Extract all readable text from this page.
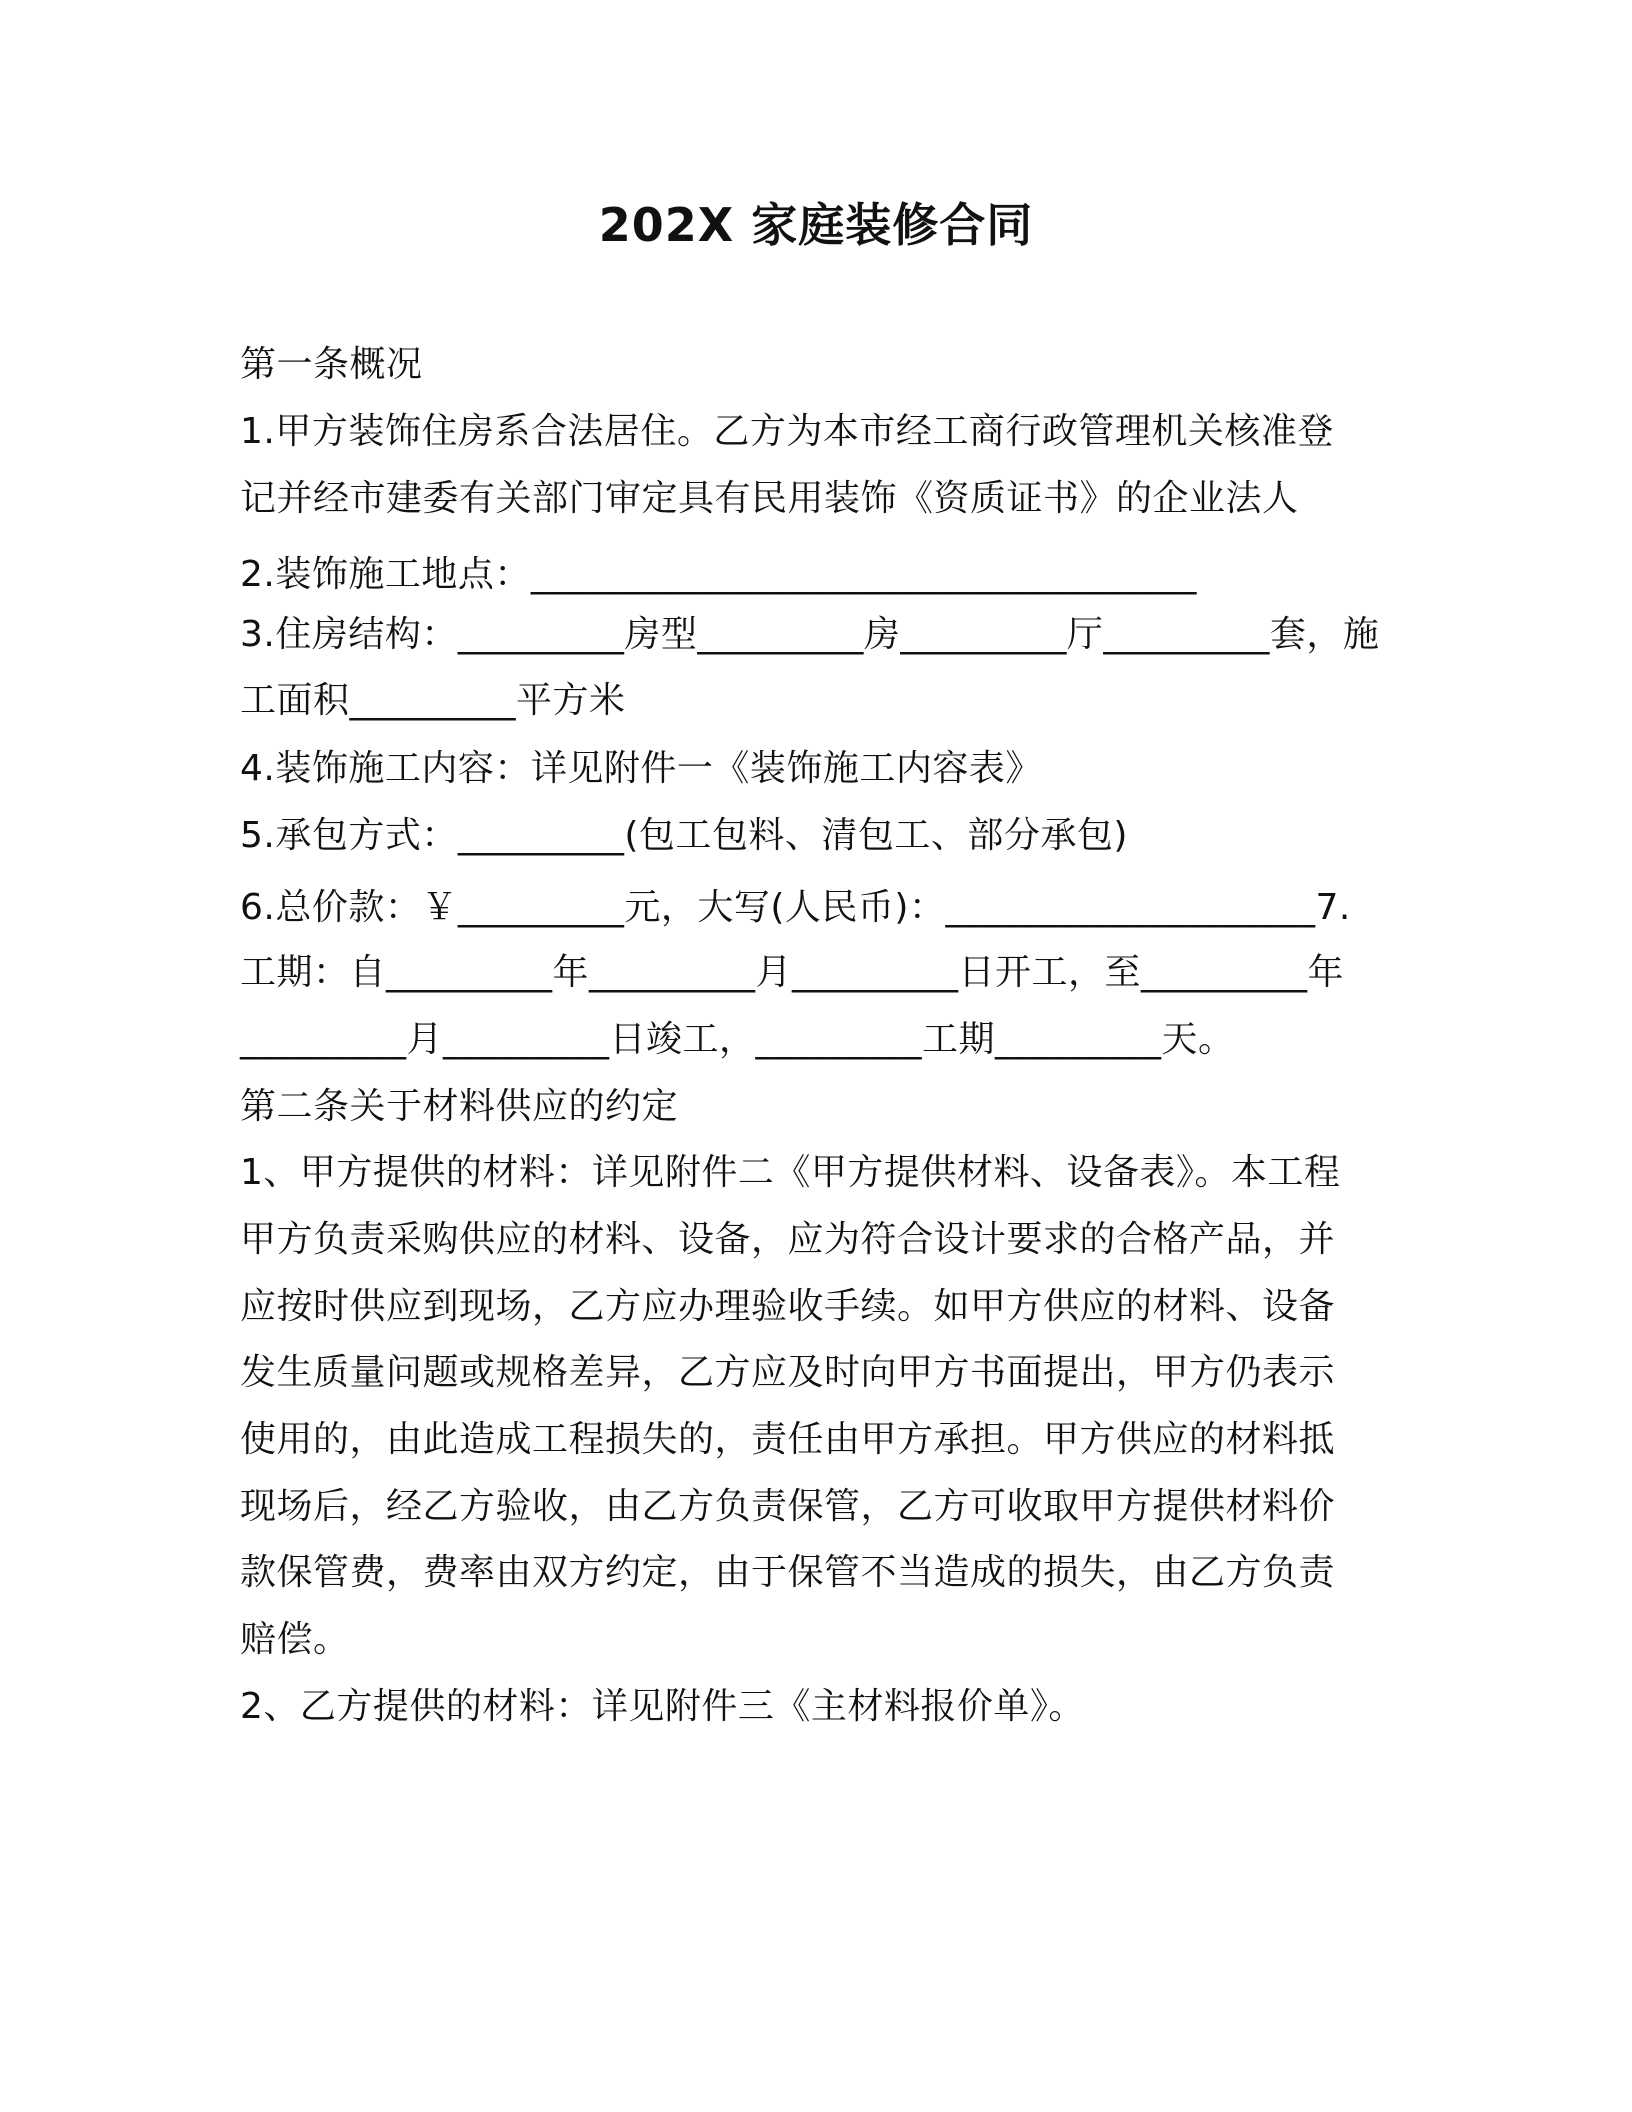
202X 家庭装修合同
第一条概况
1.甲方装饰住房系合法居住。乙方为本市经工商行政管理机关核准登
记并经市建委有关部门审定具有民用装饰《资质证书》的企业法人
2.装饰施工地点：____________________________________
3.住房结构：_________房型_________房_________厅_________套，施
工面积_________平方米
4.装饰施工内容：详见附件一《装饰施工内容表》
5.承包方式：_________(包工包料、清包工、部分承包)
6.总价款：￥_________元，大写(人民币)：____________________7.
工期：自_________年_________月_________日开工，至_________年
_________月_________日竣工，_________工期_________天。
第二条关于材料供应的约定
1、甲方提供的材料：详见附件二《甲方提供材料、设备表》。本工程
甲方负责采购供应的材料、设备，应为符合设计要求的合格产品，并
应按时供应到现场，乙方应办理验收手续。如甲方供应的材料、设备
发生质量问题或规格差异，乙方应及时向甲方书面提出，甲方仍表示
使用的，由此造成工程损失的，责任由甲方承担。甲方供应的材料抵
现场后，经乙方验收，由乙方负责保管，乙方可收取甲方提供材料价
款保管费，费率由双方约定，由于保管不当造成的损失，由乙方负责
赔偿。
2、乙方提供的材料：详见附件三《主材料报价单》。
